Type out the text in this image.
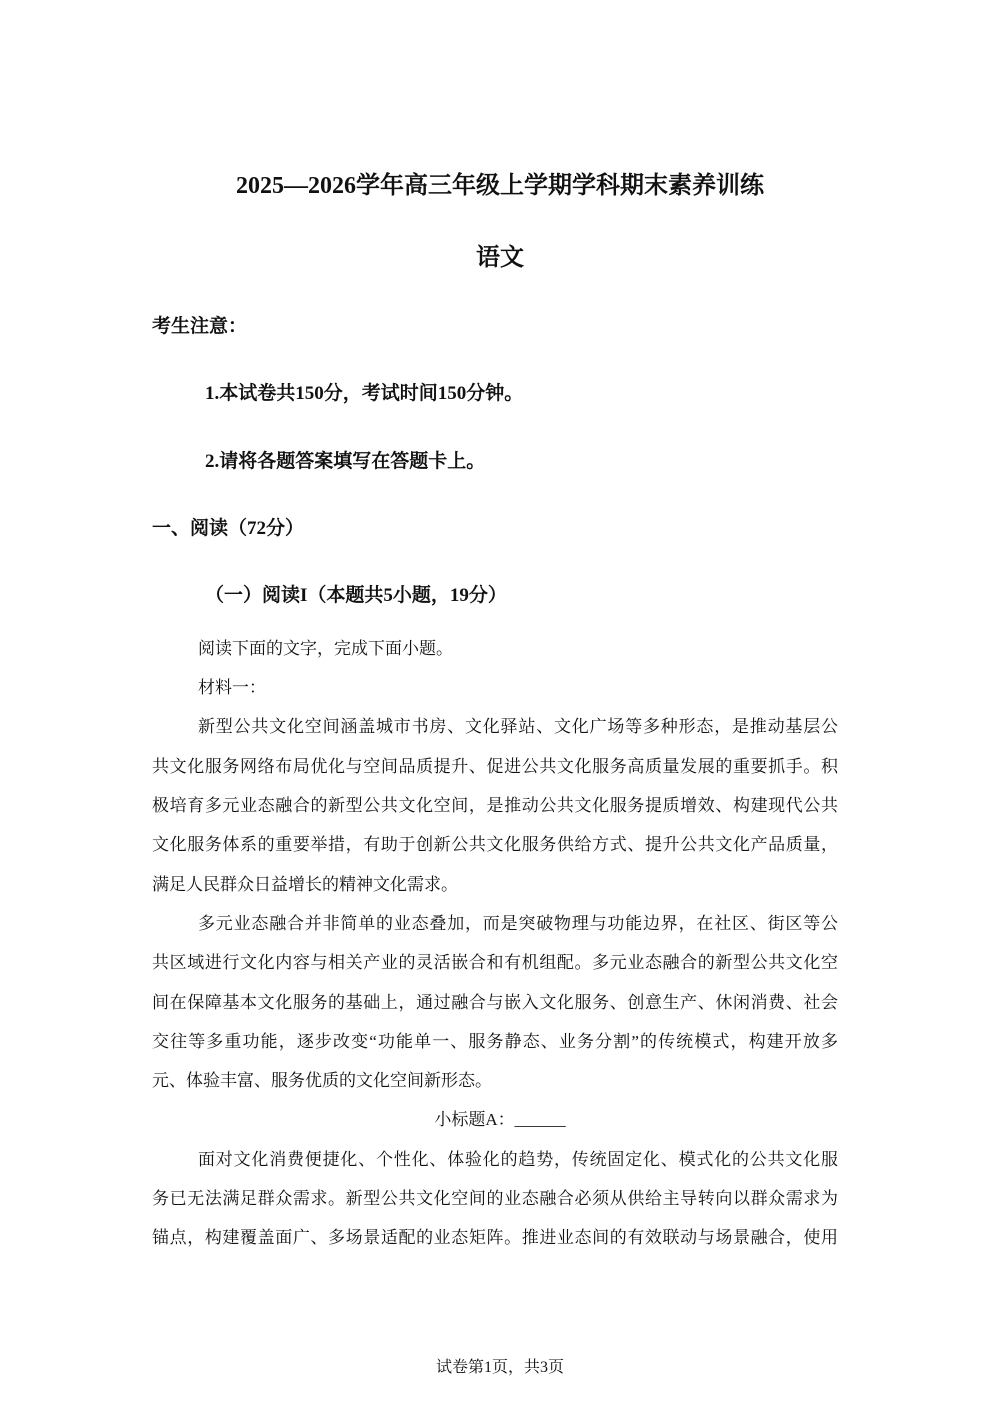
2025—2026学年高三年级上学期学科期末素养训练
语文
考生注意：
1.本试卷共150分，考试时间150分钟。
2.请将各题答案填写在答题卡上。
一、阅读（72分）
（一）阅读I（本题共5小题，19分）
阅读下面的文字，完成下面小题。
材料一：
新型公共文化空间涵盖城市书房、文化驿站、文化广场等多种形态，是推动基层公
共文化服务网络布局优化与空间品质提升、促进公共文化服务高质量发展的重要抓手。积
极培育多元业态融合的新型公共文化空间，是推动公共文化服务提质增效、构建现代公共
文化服务体系的重要举措，有助于创新公共文化服务供给方式、提升公共文化产品质量，
满足人民群众日益增长的精神文化需求。
多元业态融合并非简单的业态叠加，而是突破物理与功能边界，在社区、街区等公
共区域进行文化内容与相关产业的灵活嵌合和有机组配。多元业态融合的新型公共文化空
间在保障基本文化服务的基础上，通过融合与嵌入文化服务、创意生产、休闲消费、社会
交往等多重功能，逐步改变“功能单一、服务静态、业务分割”的传统模式，构建开放多
元、体验丰富、服务优质的文化空间新形态。
小标题A：______
面对文化消费便捷化、个性化、体验化的趋势，传统固定化、模式化的公共文化服
务已无法满足群众需求。新型公共文化空间的业态融合必须从供给主导转向以群众需求为
锚点，构建覆盖面广、多场景适配的业态矩阵。推进业态间的有效联动与场景融合，使用
试卷第1页，共3页
